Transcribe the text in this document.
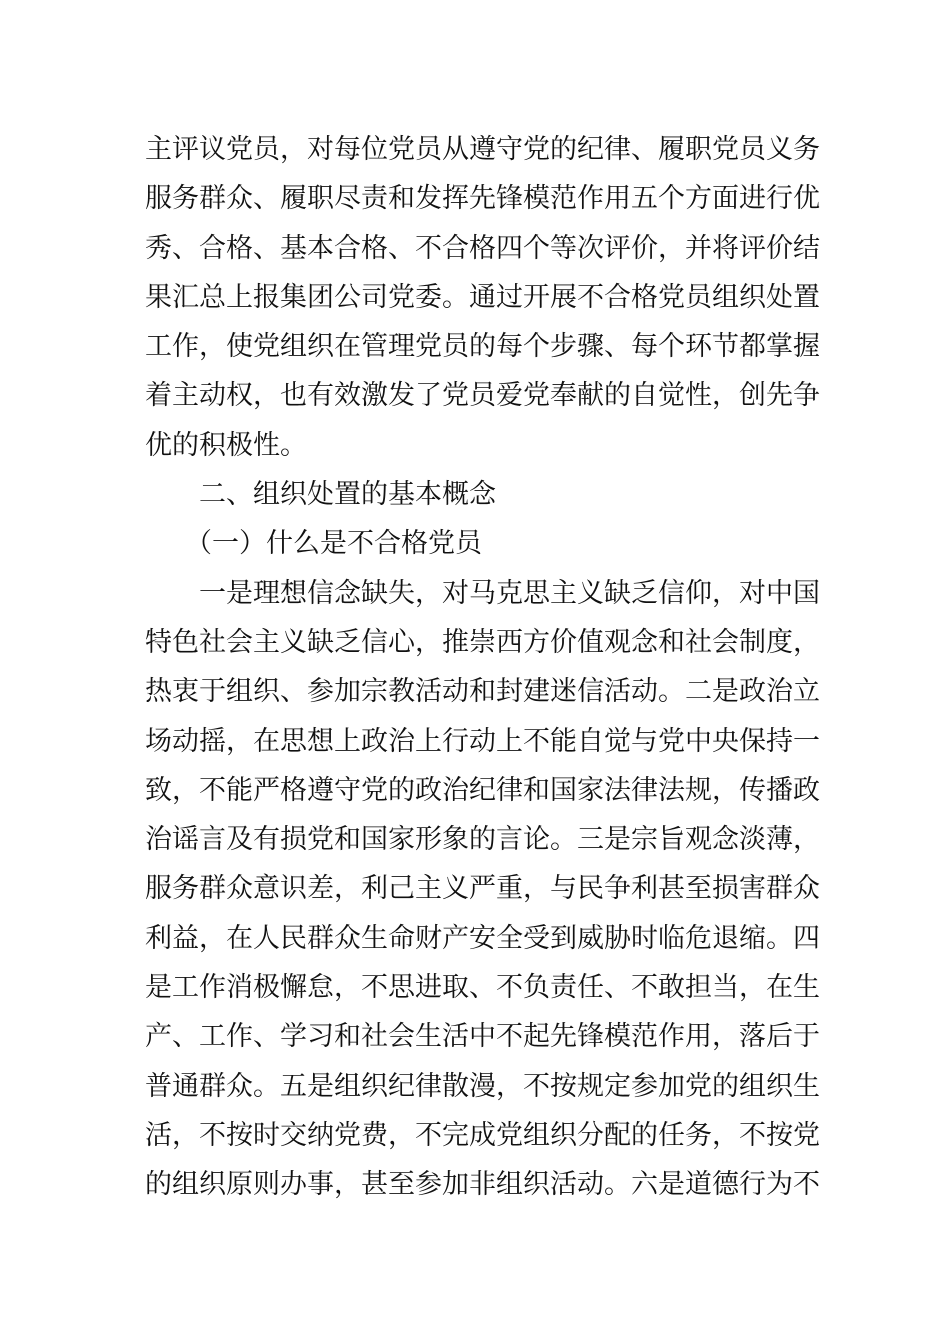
主评议党员，对每位党员从遵守党的纪律、履职党员义务
服务群众、履职尽责和发挥先锋模范作用五个方面进行优
秀、合格、基本合格、不合格四个等次评价，并将评价结
果汇总上报集团公司党委。通过开展不合格党员组织处置
工作，使党组织在管理党员的每个步骤、每个环节都掌握
着主动权，也有效激发了党员爱党奉献的自觉性，创先争
优的积极性。
二、组织处置的基本概念
（一）什么是不合格党员
一是理想信念缺失，对马克思主义缺乏信仰，对中国
特色社会主义缺乏信心，推崇西方价值观念和社会制度，
热衷于组织、参加宗教活动和封建迷信活动。二是政治立
场动摇，在思想上政治上行动上不能自觉与党中央保持一
致，不能严格遵守党的政治纪律和国家法律法规，传播政
治谣言及有损党和国家形象的言论。三是宗旨观念淡薄，
服务群众意识差，利己主义严重，与民争利甚至损害群众
利益，在人民群众生命财产安全受到威胁时临危退缩。四
是工作消极懈怠，不思进取、不负责任、不敢担当，在生
产、工作、学习和社会生活中不起先锋模范作用，落后于
普通群众。五是组织纪律散漫，不按规定参加党的组织生
活，不按时交纳党费，不完成党组织分配的任务，不按党
的组织原则办事，甚至参加非组织活动。六是道德行为不
